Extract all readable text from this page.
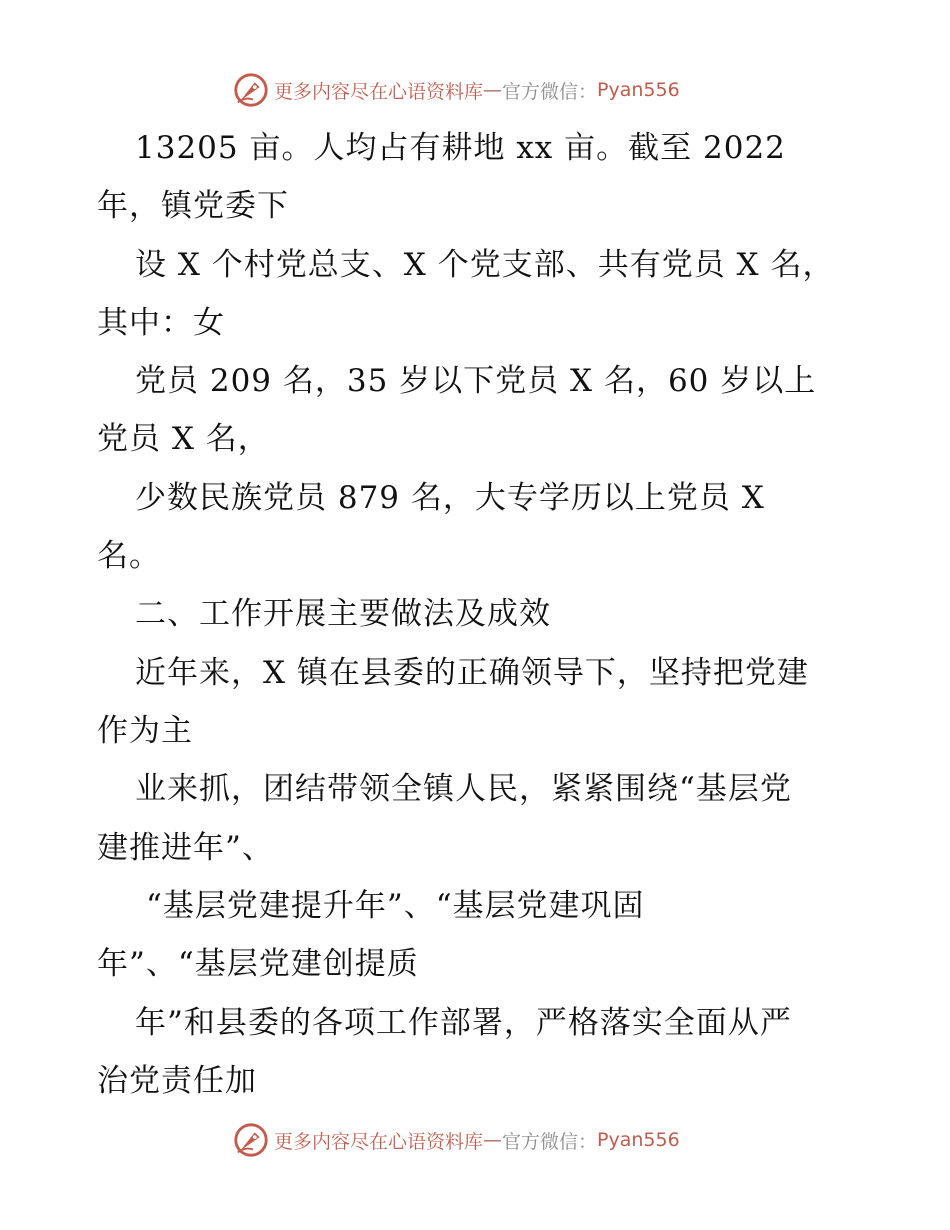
更多内容尽在心语资料库 — 官方微信： Pyan556
13205 亩。人均占有耕地 xx 亩。截至 2022
年，镇党委下
设 X 个村党总支、X 个党支部、共有党员 X 名，
其中：女
党员 209 名，35 岁以下党员 X 名，60 岁以上
党员 X 名，
少数民族党员 879 名，大专学历以上党员 X
名。
二、工作开展主要做法及成效
近年来，X 镇在县委的正确领导下，坚持把党建
作为主
业来抓，团结带领全镇人民，紧紧围绕“基层党
建推进年”、
“基层党建提升年”、“基层党建巩固
年”、“基层党建创提质
年”和县委的各项工作部署，严格落实全面从严
治党责任加
更多内容尽在心语资料库 — 官方微信： Pyan556
